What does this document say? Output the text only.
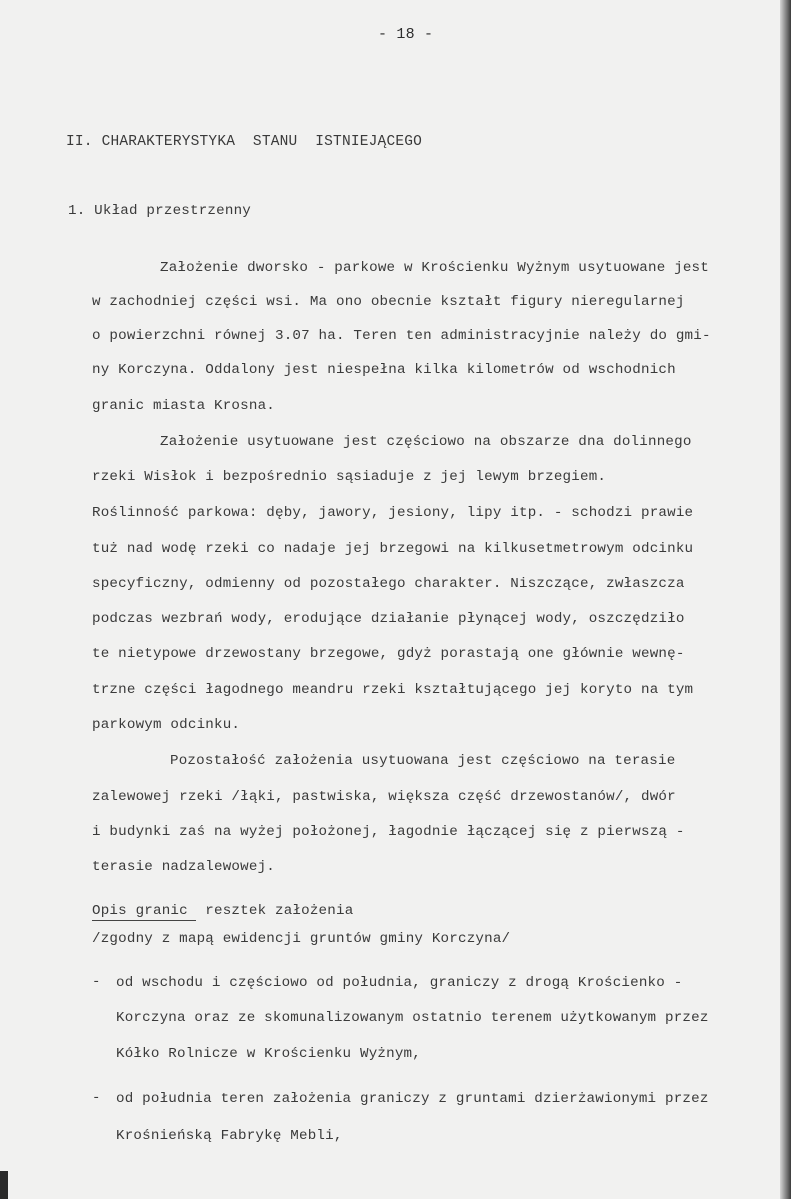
- 18 -
II. CHARAKTERYSTYKA  STANU  ISTNIEJĄCEGO
1. Układ przestrzenny
Założenie dworsko - parkowe w Krościenku Wyżnym usytuowane jest
w zachodniej części wsi. Ma ono obecnie kształt figury nieregularnej
o powierzchni równej 3.07 ha. Teren ten administracyjnie należy do gmi-
ny Korczyna. Oddalony jest niespełna kilka kilometrów od wschodnich
granic miasta Krosna.
Założenie usytuowane jest częściowo na obszarze dna dolinnego
rzeki Wisłok i bezpośrednio sąsiaduje z jej lewym brzegiem.
Roślinność parkowa: dęby, jawory, jesiony, lipy itp. - schodzi prawie
tuż nad wodę rzeki co nadaje jej brzegowi na kilkusetmetrowym odcinku
specyficzny, odmienny od pozostałego charakter. Niszczące, zwłaszcza
podczas wezbrań wody, erodujące działanie płynącej wody, oszczędziło
te nietypowe drzewostany brzegowe, gdyż porastają one głównie wewnę-
trzne części łagodnego meandru rzeki kształtującego jej koryto na tym
parkowym odcinku.
Pozostałość założenia usytuowana jest częściowo na terasie
zalewowej rzeki /łąki, pastwiska, większa część drzewostanów/, dwór
i budynki zaś na wyżej położonej, łagodnie łączącej się z pierwszą -
terasie nadzalewowej.
Opis granic  resztek założenia
/zgodny z mapą ewidencji gruntów gminy Korczyna/
- od wschodu i częściowo od południa, graniczy z drogą Krościenko -
Korczyna oraz ze skomunalizowanym ostatnio terenem użytkowanym przez
Kółko Rolnicze w Krościenku Wyżnym,
- od południa teren założenia graniczy z gruntami dzierżawionymi przez
Krośnieńską Fabrykę Mebli,
